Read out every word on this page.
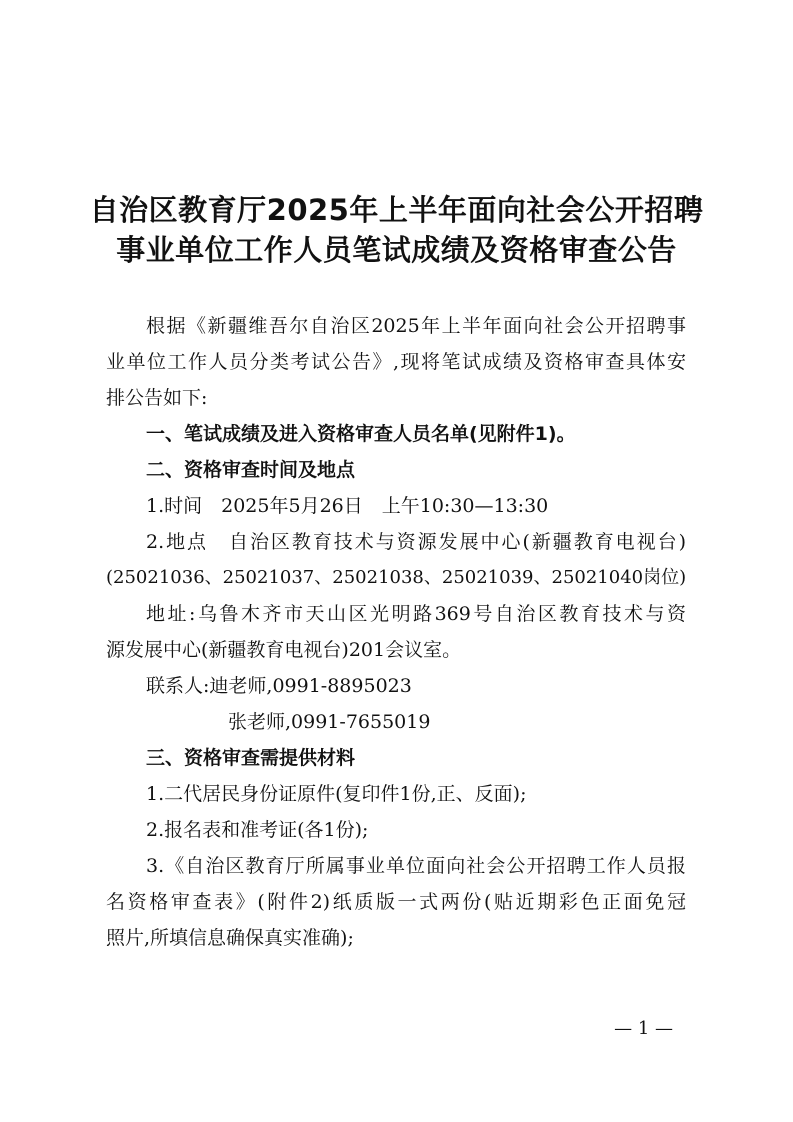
自治区教育厅2025年上半年面向社会公开招聘
事业单位工作人员笔试成绩及资格审查公告

根据《新疆维吾尔自治区2025年上半年面向社会公开招聘事

业单位工作人员分类考试公告》,现将笔试成绩及资格审查具体安

排公告如下:

一、笔试成绩及进入资格审查人员名单(见附件1)。

二、资格审查时间及地点

1.时间　2025年5月26日　上午10:30—13:30

2.地点　自治区教育技术与资源发展中心(新疆教育电视台)

(25021036、25021037、25021038、25021039、25021040岗位)

地址:乌鲁木齐市天山区光明路369号自治区教育技术与资

源发展中心(新疆教育电视台)201会议室。

联系人:迪老师,0991-8895023

张老师,0991-7655019

三、资格审查需提供材料

1.二代居民身份证原件(复印件1份,正、反面);

2.报名表和准考证(各1份);

3.《自治区教育厅所属事业单位面向社会公开招聘工作人员报

名资格审查表》(附件2)纸质版一式两份(贴近期彩色正面免冠

照片,所填信息确保真实准确);

— 1 —
